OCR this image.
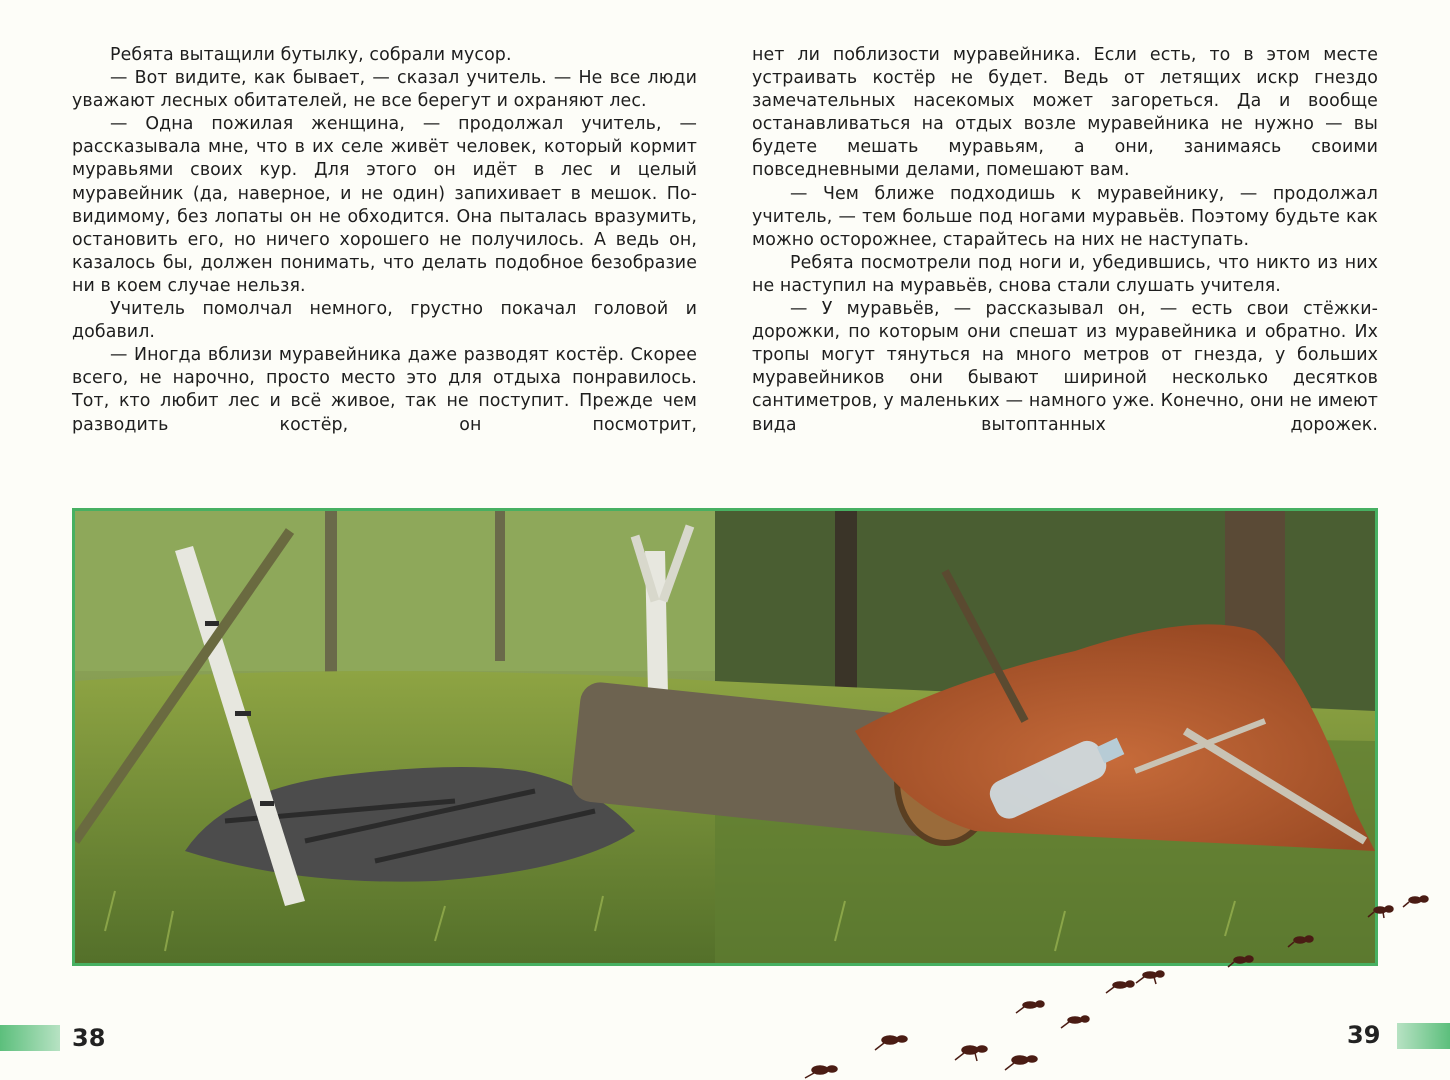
Ребята вытащили бутылку, собрали мусор.

— Вот видите, как бывает, — сказал учитель. — Не все люди уважают лесных обитателей, не все берегут и охраняют лес.

— Одна пожилая женщина, — продолжал учитель, — рассказывала мне, что в их селе живёт человек, который кормит муравьями своих кур. Для этого он идёт в лес и целый муравейник (да, наверное, и не один) запихивает в мешок. По-видимому, без лопаты он не обходится. Она пыталась вразумить, остановить его, но ничего хорошего не получилось. А ведь он, казалось бы, должен понимать, что делать подобное безобразие ни в коем случае нельзя.

Учитель помолчал немного, грустно покачал головой и добавил.

— Иногда вблизи муравейника даже разводят костёр. Скорее всего, не нарочно, просто место это для отдыха понравилось. Тот, кто любит лес и всё живое, так не поступит. Прежде чем разводить костёр, он посмотрит,

нет ли поблизости муравейника. Если есть, то в этом месте устраивать костёр не будет. Ведь от летящих искр гнездо замечательных насекомых может загореться. Да и вообще останавливаться на отдых возле муравейника не нужно — вы будете мешать муравьям, а они, занимаясь своими повседневными делами, помешают вам.

— Чем ближе подходишь к муравейнику, — продолжал учитель, — тем больше под ногами муравьёв. Поэтому будьте как можно осторожнее, старайтесь на них не наступать.

Ребята посмотрели под ноги и, убедившись, что никто из них не наступил на муравьёв, снова стали слушать учителя.

— У муравьёв, — рассказывал он, — есть свои стёжки-дорожки, по которым они спешат из муравейника и обратно. Их тропы могут тянуться на много метров от гнезда, у больших муравейников они бывают шириной несколько десятков сантиметров, у маленьких — намного уже. Конечно, они не имеют вида вытоптанных дорожек.

38	39
